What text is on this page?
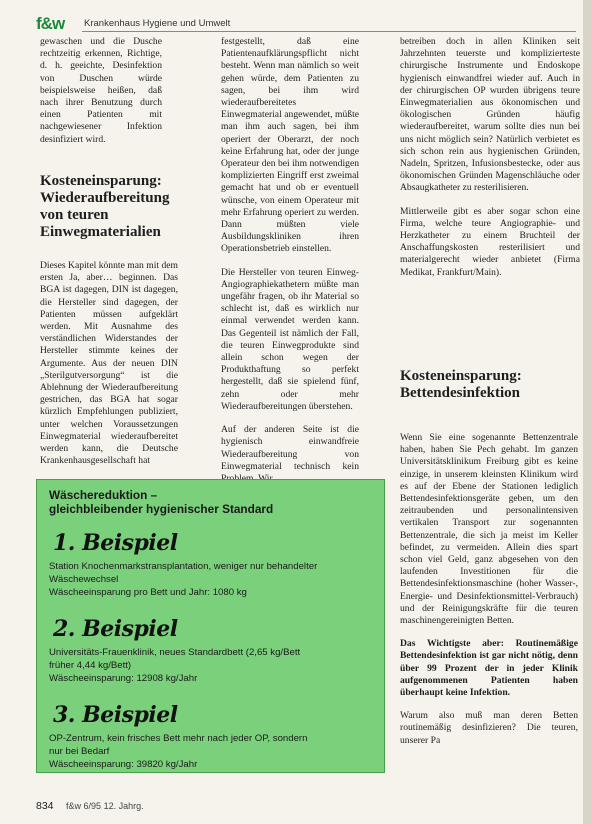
f&w Krankenhaus Hygiene und Umwelt

gewaschen und die Dusche rechtzeitig erkennen, Richtige, d. h. geeichte, Desinfektion von Duschen würde beispielsweise heißen, daß nach ihrer Benutzung durch einen Patienten mit nachgewiesener Infektion desinfiziert wird.

Kosteneinsparung: Wiederaufbereitung von teuren Einwegmaterialien

Dieses Kapitel könnte man mit dem ersten Ja, aber… beginnen. Das BGA ist dagegen, DIN ist dagegen, die Hersteller sind dagegen, der Patienten müssen aufgeklärt werden. Mit Ausnahme des verständlichen Widerstandes der Hersteller stimmte keines der Argumente. Aus der neuen DIN „Sterilgutversorgung“ ist die Ablehnung der Wiederaufbereitung gestrichen, das BGA hat sogar kürzlich Empfehlungen publiziert, unter welchen Voraussetzungen Einwegmaterial wiederaufbereitet werden kann, die Deutsche Krankenhausgesellschaft hat

festgestellt, daß eine Patientenaufklärungspflicht nicht besteht. Wenn man nämlich so weit gehen würde, dem Patienten zu sagen, bei ihm wird wiederaufbereitetes Einwegmaterial angewendet, müßte man ihm auch sagen, bei ihm operiert der Oberarzt, der noch keine Erfahrung hat, oder der junge Operateur den bei ihm notwendigen komplizierten Eingriff erst zweimal gemacht hat und ob er eventuell wünsche, von einem Operateur mit mehr Erfahrung operiert zu werden. Dann müßten viele Ausbildungskliniken ihren Operationsbetrieb einstellen.

Die Hersteller von teuren Einweg-Angiographiekathetern müßte man ungefähr fragen, ob ihr Material so schlecht ist, daß es wirklich nur einmal verwendet werden kann. Das Gegenteil ist nämlich der Fall, die teuren Einwegprodukte sind allein schon wegen der Produkthaftung so perfekt hergestellt, daß sie spielend fünf, zehn oder mehr Wiederaufbereitungen überstehen.

Auf der anderen Seite ist die hygienisch einwandfreie Wiederaufbereitung von Einwegmaterial technisch kein

betreiben doch in allen Kliniken seit Jahrzehnten teuerste und komplizierteste chirurgische Instrumente und Endoskope hygienisch einwandfrei wieder auf. Auch in der chirurgischen OP wurden übrigens teure Einwegmaterialien aus ökonomischen und ökologischen Gründen häufig wiederaufbereitet, warum sollte dies nun bei uns nicht möglich sein? Natürlich verbietet es sich schon rein aus hygienischen Gründen, Nadeln, Spritzen, Infusionsbestecke, oder aus ökonomischen Gründen Magenschläuche oder Absaugkatheter zu resterilisieren.

Mittlerweile gibt es aber sogar schon eine Firma, welche teure Angiographie- und Herzkatheter zu einem Bruchteil der Anschaffungskosten resterilisiert und materialgerecht wieder anbietet (Firma Medikat, Frankfurt/Main).

Kosteneinsparung: Bettendesinfektion

Wenn Sie eine sogenannte Bettenzentrale haben, haben Sie Pech gehabt. Im ganzen Universitätsklinikum Freiburg gibt es keine einzige, in unserem kleinsten Klinikum wird es auf der Ebene der Stationen lediglich Bettendesinfektionsgeräte geben, um den zeitraubenden und personalintensiven vertikalen Transport zur sogenannten Bettenzentrale, die sich ja meist im Keller befindet, zu vermeiden. Allein dies spart schon viel Geld, ganz abgesehen von den laufenden Investitionen für die Bettendesinfektionsmaschine (hoher Wasser-, Energie- und Desinfektionsmittel-Verbrauch) und der Reinigungskräfte für die teuren maschinengereinigten Betten.

Das Wichtigste aber: Routinemäßige Bettendesinfektion ist gar nicht nötig, denn über 99 Prozent der in jeder Klinik aufgenommenen Patienten haben überhaupt keine Infektion.

Warum also muß man deren Betten routinemäßig desinfizieren? Die teuren, unserer Pa

Wäschereduktion –
gleichbleibender hygienischer Standard
1. Beispiel
Station Knochenmarkstransplantation, weniger nur behandelter
Wäschewechsel
Wäscheeinsparung pro Bett und Jahr: 1080 kg
2. Beispiel
Universitäts-Frauenklinik, neues Standardbett (2,65 kg/Bett
früher 4,44 kg/Bett)
Wäscheeinsparung: 12908 kg/Jahr
3. Beispiel
OP-Zentrum, kein frisches Bett mehr nach jeder OP, sondern
nur bei Bedarf
Wäscheeinsparung: 39820 kg/Jahr
834 f&w 6/95 12. Jahrg.
